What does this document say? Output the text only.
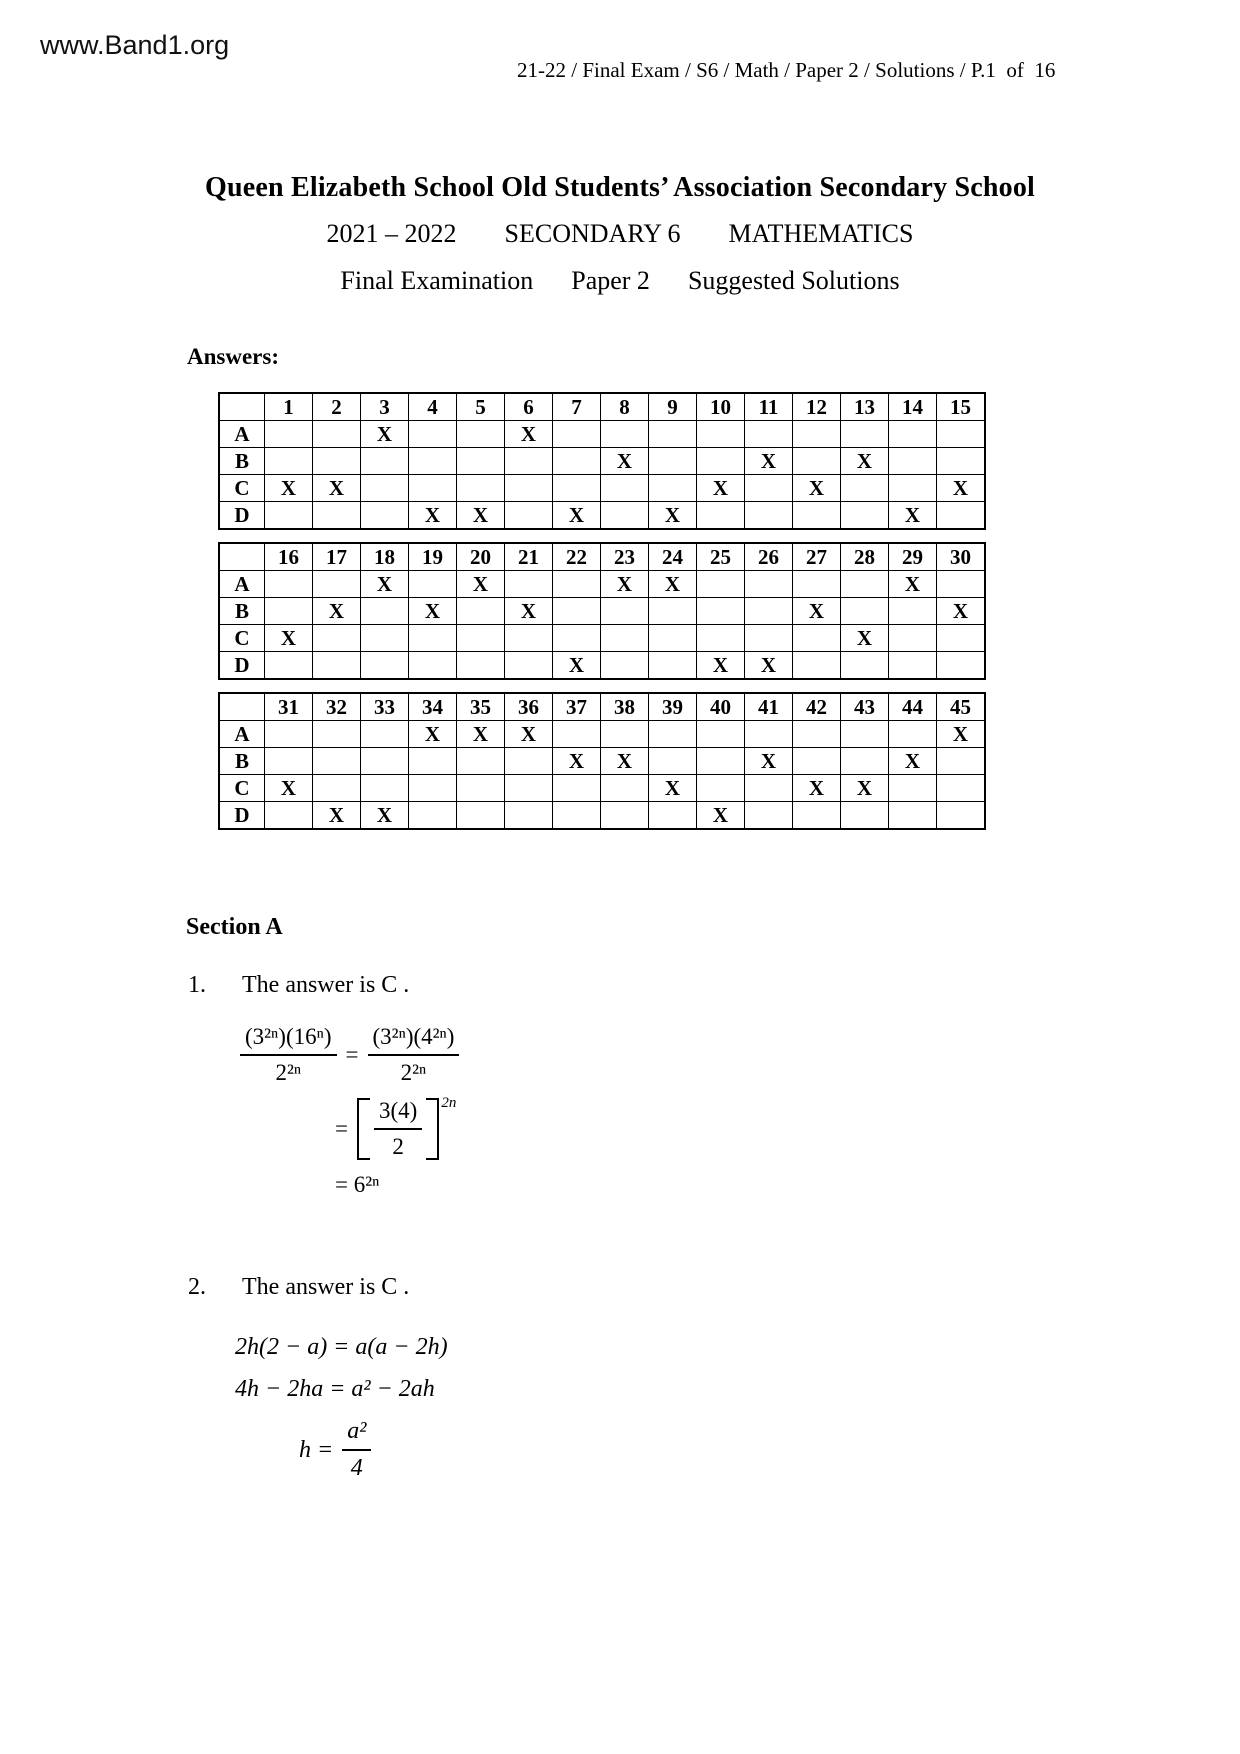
www.Band1.org
21-22 / Final Exam / S6 / Math / Paper 2 / Solutions / P.1  of  16
Queen Elizabeth School Old Students’ Association Secondary School
2021 – 2022 SECONDARY 6 MATHEMATICS
Final Examination Paper 2 Suggested Solutions
Answers:
	1	2	3	4	5	6	7	8	9	10	11	12	13	14	15
A			X			X									
B								X			X		X		
C	X	X								X		X			X
D				X	X		X		X					X	
	16	17	18	19	20	21	22	23	24	25	26	27	28	29	30
A			X		X			X	X					X	
B		X		X		X						X			X
C	X												X		
D							X			X	X				
	31	32	33	34	35	36	37	38	39	40	41	42	43	44	45
A				X	X	X									X
B							X	X			X			X	
C	X								X			X	X		
D		X	X							X					
Section A
1.	The answer is C .
$\frac{\text{(3²ⁿ)(16ⁿ)}}{\text{2²ⁿ}} = \frac{\text{(3²ⁿ)(4²ⁿ)}}{\text{2²ⁿ}}$
= $\frac{3(4)}{2} 2n$
= 6²ⁿ
2.	The answer is C .
2h(2 − a) = a(a − 2h)
4h − 2ha = a² − 2ah
$h = \frac{\text{a²}}{4}$
